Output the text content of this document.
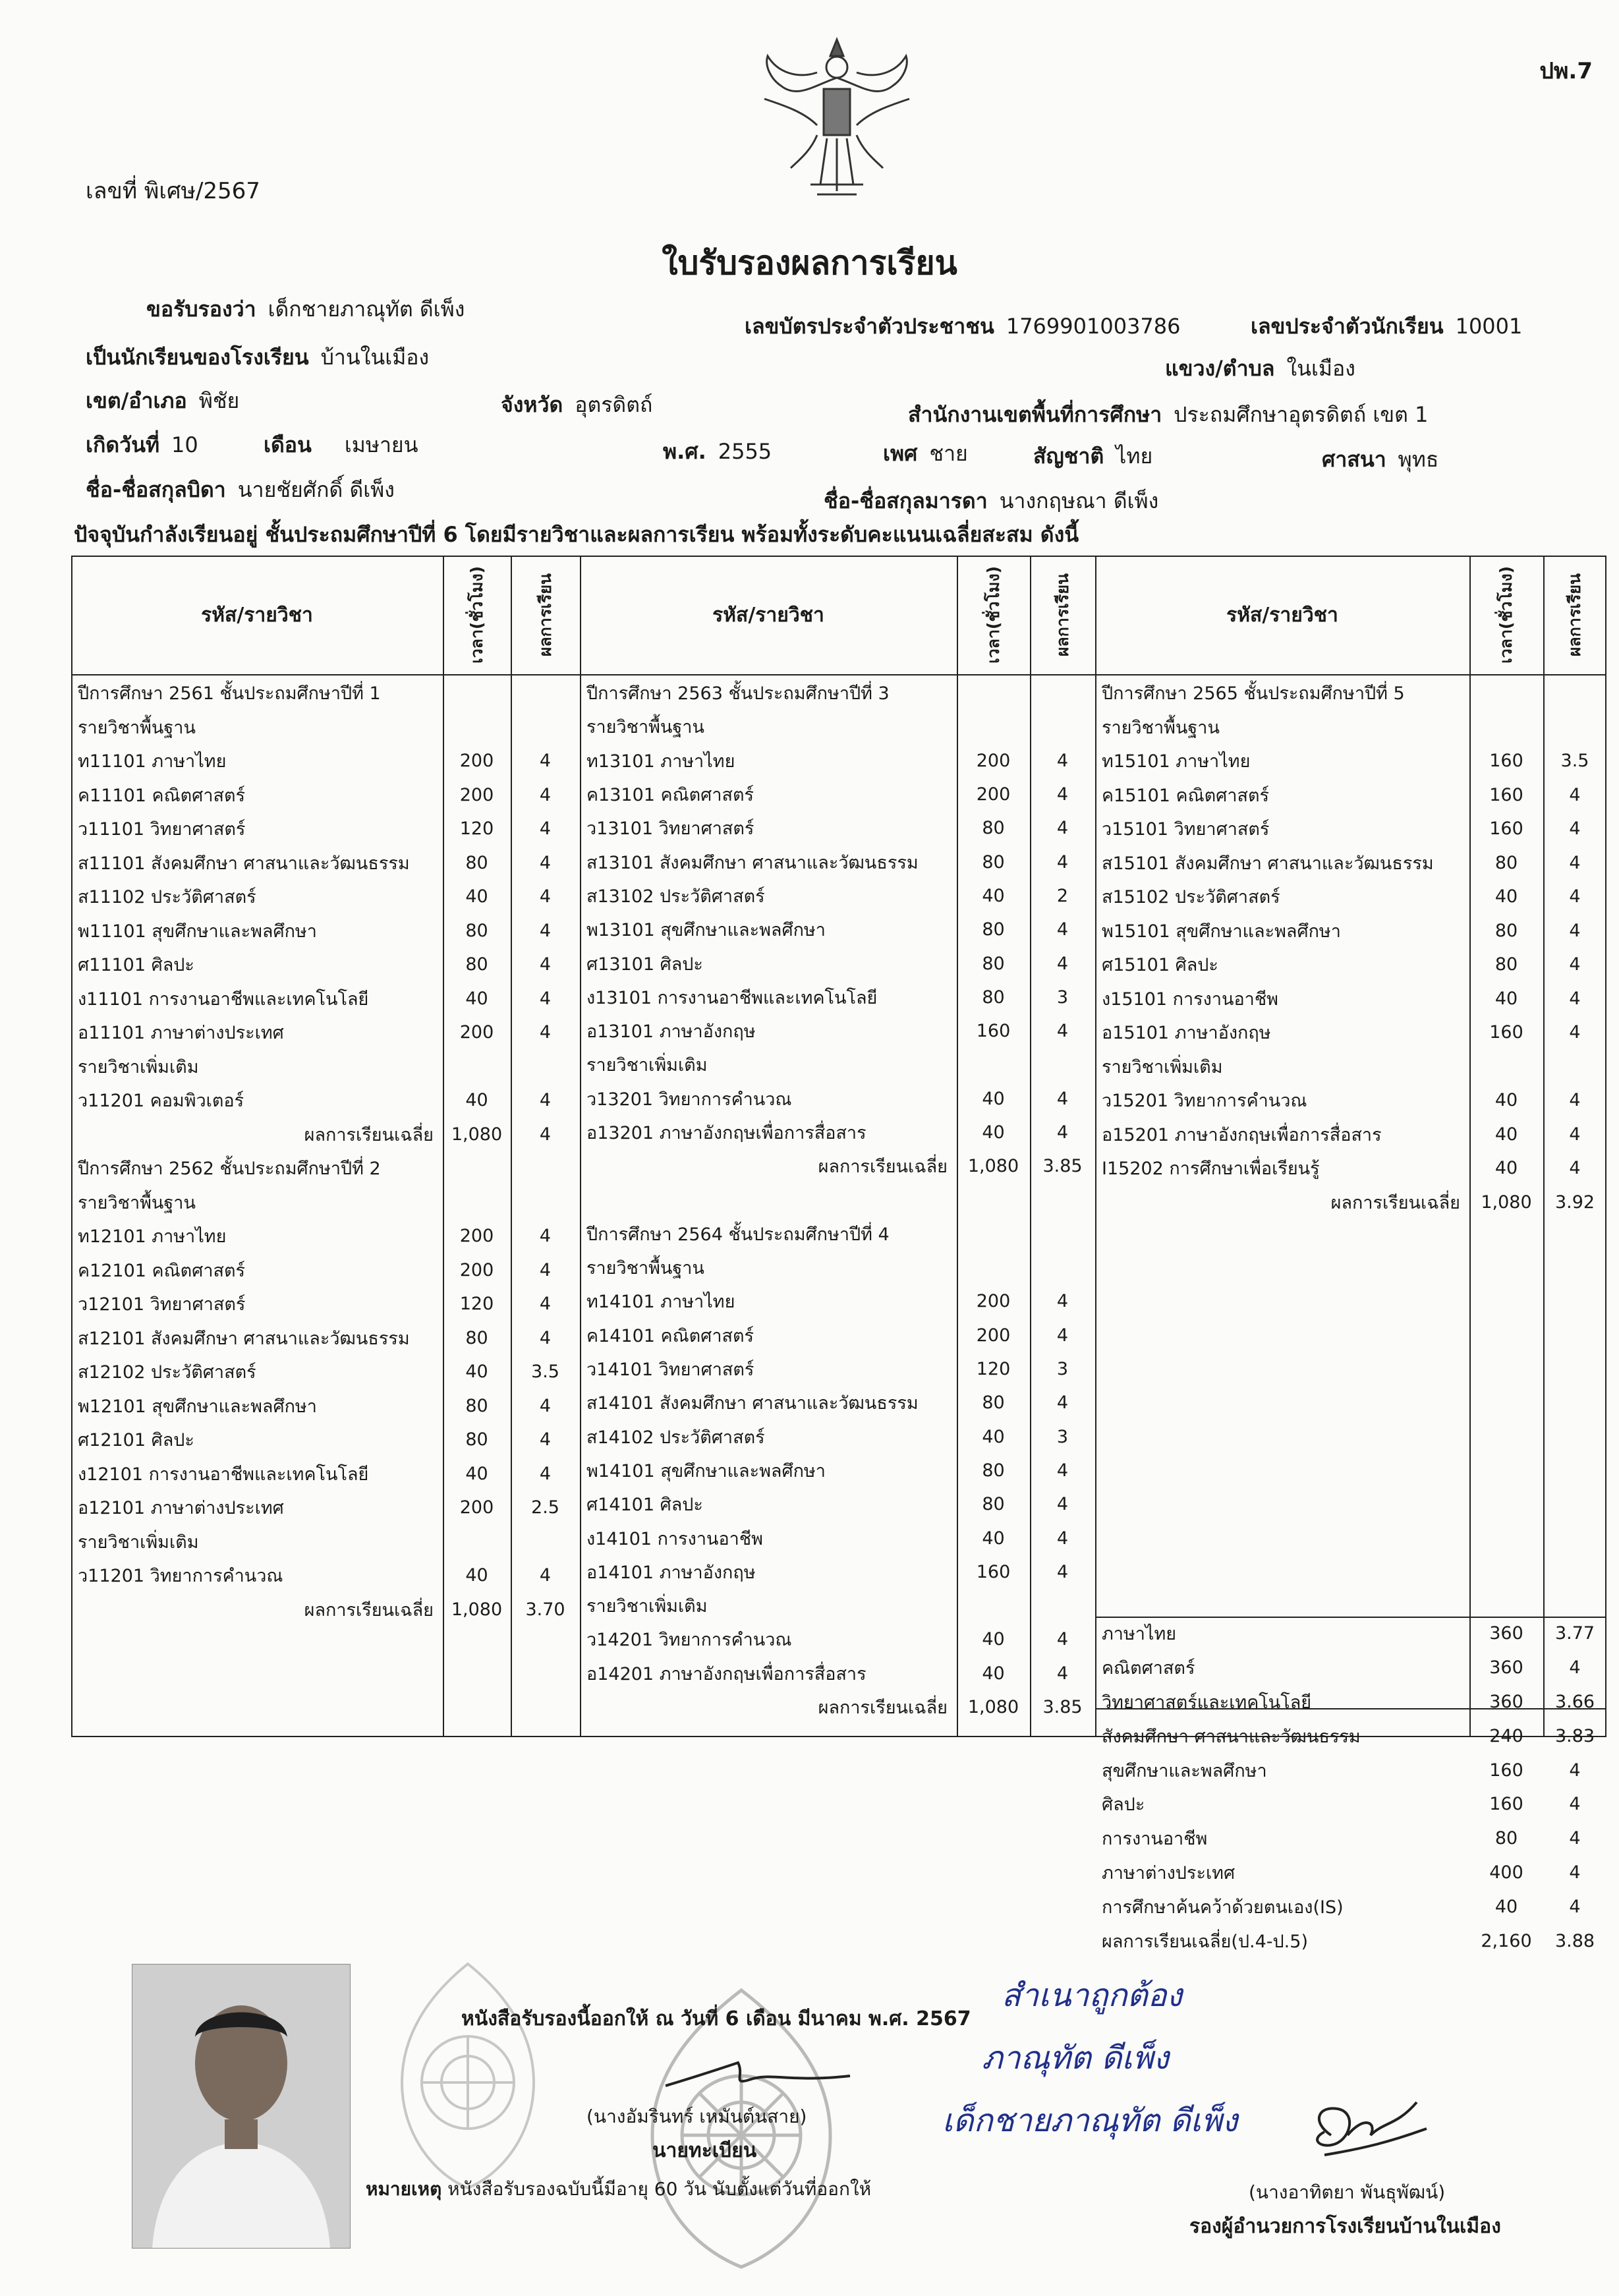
ปพ.7
เลขที่ พิเศษ/2567
ใบรับรองผลการเรียน
ขอรับรองว่า เด็กชายภาณุทัต ดีเพ็ง
เลขบัตรประจำตัวประชาชน 1769901003786	เลขประจำตัวนักเรียน 10001
เป็นนักเรียนของโรงเรียน บ้านในเมือง	แขวง/ตำบล ในเมือง
เขต/อำเภอ พิชัย	จังหวัด อุตรดิตถ์	สำนักงานเขตพื้นที่การศึกษา ประถมศึกษาอุตรดิตถ์ เขต 1
เกิดวันที่ 10	เดือน เมษายน	พ.ศ. 2555	เพศ ชาย	สัญชาติ ไทย	ศาสนา พุทธ
ชื่อ-ชื่อสกุลบิดา นายชัยศักดิ์ ดีเพ็ง	ชื่อ-ชื่อสกุลมารดา นางกฤษณา ดีเพ็ง
ปัจจุบันกำลังเรียนอยู่ ชั้นประถมศึกษาปีที่ 6 โดยมีรายวิชาและผลการเรียน พร้อมทั้งระดับคะแนนเฉลี่ยสะสม ดังนี้
รหัส/รายวิชา	เวลา(ชั่วโมง)	ผลการเรียน	รหัส/รายวิชา	เวลา(ชั่วโมง)	ผลการเรียน	รหัส/รายวิชา	เวลา(ชั่วโมง)	ผลการเรียน
ปีการศึกษา 2561 ชั้นประถมศึกษาปีที่ 1
รายวิชาพื้นฐาน
ท11101 ภาษาไทย	200	4
ค11101 คณิตศาสตร์	200	4
ว11101 วิทยาศาสตร์	120	4
ส11101 สังคมศึกษา ศาสนาและวัฒนธรรม	80	4
ส11102 ประวัติศาสตร์	40	4
พ11101 สุขศึกษาและพลศึกษา	80	4
ศ11101 ศิลปะ	80	4
ง11101 การงานอาชีพและเทคโนโลยี	40	4
อ11101 ภาษาต่างประเทศ	200	4
รายวิชาเพิ่มเติม
ว11201 คอมพิวเตอร์	40	4
ผลการเรียนเฉลี่ย 1,080	4
ปีการศึกษา 2562 ชั้นประถมศึกษาปีที่ 2
รายวิชาพื้นฐาน
ท12101 ภาษาไทย	200	4
ค12101 คณิตศาสตร์	200	4
ว12101 วิทยาศาสตร์	120	4
ส12101 สังคมศึกษา ศาสนาและวัฒนธรรม	80	4
ส12102 ประวัติศาสตร์	40	3.5
พ12101 สุขศึกษาและพลศึกษา	80	4
ศ12101 ศิลปะ	80	4
ง12101 การงานอาชีพและเทคโนโลยี	40	4
อ12101 ภาษาต่างประเทศ	200	2.5
รายวิชาเพิ่มเติม
ว11201 วิทยาการคำนวณ	40	4
ผลการเรียนเฉลี่ย 1,080	3.70
ปีการศึกษา 2563 ชั้นประถมศึกษาปีที่ 3
รายวิชาพื้นฐาน
ท13101 ภาษาไทย	200	4
ค13101 คณิตศาสตร์	200	4
ว13101 วิทยาศาสตร์	80	4
ส13101 สังคมศึกษา ศาสนาและวัฒนธรรม	80	4
ส13102 ประวัติศาสตร์	40	2
พ13101 สุขศึกษาและพลศึกษา	80	4
ศ13101 ศิลปะ	80	4
ง13101 การงานอาชีพและเทคโนโลยี	80	3
อ13101 ภาษาอังกฤษ	160	4
รายวิชาเพิ่มเติม
ว13201 วิทยาการคำนวณ	40	4
อ13201 ภาษาอังกฤษเพื่อการสื่อสาร	40	4
ผลการเรียนเฉลี่ย	1,080	3.85
ปีการศึกษา 2564 ชั้นประถมศึกษาปีที่ 4
รายวิชาพื้นฐาน
ท14101 ภาษาไทย	200	4
ค14101 คณิตศาสตร์	200	4
ว14101 วิทยาศาสตร์	120	3
ส14101 สังคมศึกษา ศาสนาและวัฒนธรรม	80	4
ส14102 ประวัติศาสตร์	40	3
พ14101 สุขศึกษาและพลศึกษา	80	4
ศ14101 ศิลปะ	80	4
ง14101 การงานอาชีพ	40	4
อ14101 ภาษาอังกฤษ	160	4
รายวิชาเพิ่มเติม
ว14201 วิทยาการคำนวณ	40	4
อ14201 ภาษาอังกฤษเพื่อการสื่อสาร	40	4
ผลการเรียนเฉลี่ย	1,080	3.85
ปีการศึกษา 2565 ชั้นประถมศึกษาปีที่ 5
รายวิชาพื้นฐาน
ท15101 ภาษาไทย	160	3.5
ค15101 คณิตศาสตร์	160	4
ว15101 วิทยาศาสตร์	160	4
ส15101 สังคมศึกษา ศาสนาและวัฒนธรรม	80	4
ส15102 ประวัติศาสตร์	40	4
พ15101 สุขศึกษาและพลศึกษา	80	4
ศ15101 ศิลปะ	80	4
ง15101 การงานอาชีพ	40	4
อ15101 ภาษาอังกฤษ	160	4
รายวิชาเพิ่มเติม
ว15201 วิทยาการคำนวณ	40	4
อ15201 ภาษาอังกฤษเพื่อการสื่อสาร	40	4
I15202 การศึกษาเพื่อเรียนรู้	40	4
ผลการเรียนเฉลี่ย	1,080	3.92
ภาษาไทย	360	3.77
คณิตศาสตร์	360	4
วิทยาศาสตร์และเทคโนโลยี	360	3.66
สังคมศึกษา ศาสนาและวัฒนธรรม	240	3.83
สุขศึกษาและพลศึกษา	160	4
ศิลปะ	160	4
การงานอาชีพ	80	4
ภาษาต่างประเทศ	400	4
การศึกษาค้นคว้าด้วยตนเอง(IS)	40	4
ผลการเรียนเฉลี่ย(ป.4-ป.5)	2,160	3.88
หนังสือรับรองนี้ออกให้ ณ วันที่ 6 เดือน มีนาคม พ.ศ. 2567
(นางอัมรินทร์ เหมันต์นสาย)
นายทะเบียน
หมายเหตุ หนังสือรับรองฉบับนี้มีอายุ 60 วัน นับตั้งแต่วันที่ออกให้
สำเนาถูกต้อง
ภาณุทัต ดีเพ็ง
เด็กชายภาณุทัต ดีเพ็ง
(นางอาทิตยา พันธุพัฒน์)
รองผู้อำนวยการโรงเรียนบ้านในเมือง
